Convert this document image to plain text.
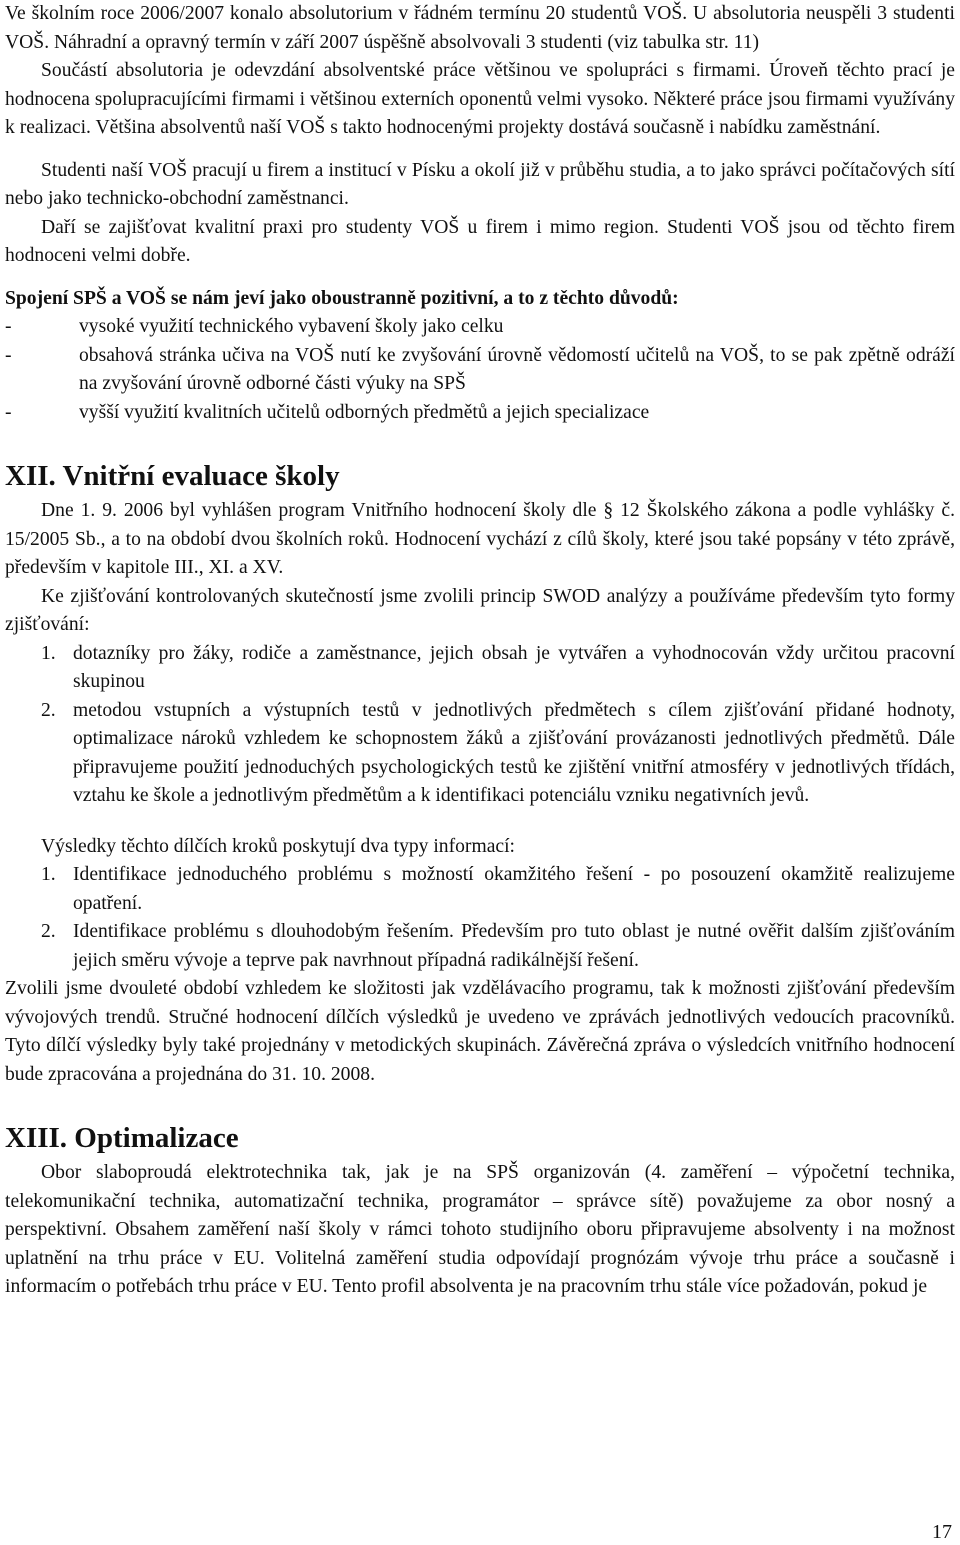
Ve školním roce 2006/2007 konalo absolutorium v řádném termínu 20 studentů VOŠ. U absolutoria neuspěli 3 studenti VOŠ. Náhradní a opravný termín v září 2007 úspěšně absolvovali 3 studenti (viz tabulka str. 11)

Součástí absolutoria je odevzdání absolventské práce většinou ve spolupráci s firmami. Úroveň těchto prací je hodnocena spolupracujícími firmami i většinou externích oponentů velmi vysoko. Některé práce jsou firmami využívány k realizaci. Většina absolventů naší VOŠ s takto hodnocenými projekty dostává současně i nabídku zaměstnání.

Studenti naší VOŠ pracují u firem a institucí v Písku a okolí již v průběhu studia, a to jako správci počítačových sítí nebo jako technicko-obchodní zaměstnanci.

Daří se zajišťovat kvalitní praxi pro studenty VOŠ u firem i mimo region. Studenti VOŠ jsou od těchto firem hodnoceni velmi dobře.

Spojení SPŠ a VOŠ se nám jeví jako oboustranně pozitivní, a to z těchto důvodů:

-	vysoké využití technického vybavení školy jako celku
-	obsahová stránka učiva na VOŠ nutí ke zvyšování úrovně vědomostí učitelů na VOŠ, to se pak zpětně odráží na zvyšování úrovně odborné části výuky na SPŠ
-	vyšší využití kvalitních učitelů odborných předmětů a jejich specializace
XII. Vnitřní evaluace školy

Dne 1. 9. 2006 byl vyhlášen program Vnitřního hodnocení školy dle § 12 Školského zákona a podle vyhlášky č. 15/2005 Sb., a to na období dvou školních roků. Hodnocení vychází z cílů školy, které jsou také popsány v této zprávě, především v kapitole III., XI. a XV.

Ke zjišťování kontrolovaných skutečností jsme zvolili princip SWOD analýzy a používáme především tyto formy zjišťování:

1. dotazníky pro žáky, rodiče a zaměstnance, jejich obsah je vytvářen a vyhodnocován vždy určitou pracovní skupinou
2. metodou vstupních a výstupních testů v jednotlivých předmětech s cílem zjišťování přidané hodnoty, optimalizace nároků vzhledem ke schopnostem žáků a zjišťování provázanosti jednotlivých předmětů. Dále připravujeme použití jednoduchých psychologických testů ke zjištění vnitřní atmosféry v jednotlivých třídách, vztahu ke škole a jednotlivým předmětům a k identifikaci potenciálu vzniku negativních jevů.

Výsledky těchto dílčích kroků poskytují dva typy informací:

1. Identifikace jednoduchého problému s možností okamžitého řešení - po posouzení okamžitě realizujeme opatření.
2. Identifikace problému s dlouhodobým řešením. Především pro tuto oblast je nutné ověřit dalším zjišťováním jejich směru vývoje a teprve pak navrhnout případná radikálnější řešení.

Zvolili jsme dvouleté období vzhledem ke složitosti jak vzdělávacího programu, tak k možnosti zjišťování především vývojových trendů. Stručné hodnocení dílčích výsledků je uvedeno ve zprávách jednotlivých vedoucích pracovníků. Tyto dílčí výsledky byly také projednány v metodických skupinách. Závěrečná zpráva o výsledcích vnitřního hodnocení bude zpracována a projednána do 31. 10. 2008.

XIII. Optimalizace

Obor slaboproudá elektrotechnika tak, jak je na SPŠ organizován (4. zaměření – výpočetní technika, telekomunikační technika, automatizační technika, programátor – správce sítě) považujeme za obor nosný a perspektivní. Obsahem zaměření naší školy v rámci tohoto studijního oboru připravujeme absolventy i na možnost uplatnění na trhu práce v EU. Volitelná zaměření studia odpovídají prognózám vývoje trhu práce a současně i informacím o potřebách trhu práce v EU. Tento profil absolventa je na pracovním trhu stále více požadován, pokud je

17
